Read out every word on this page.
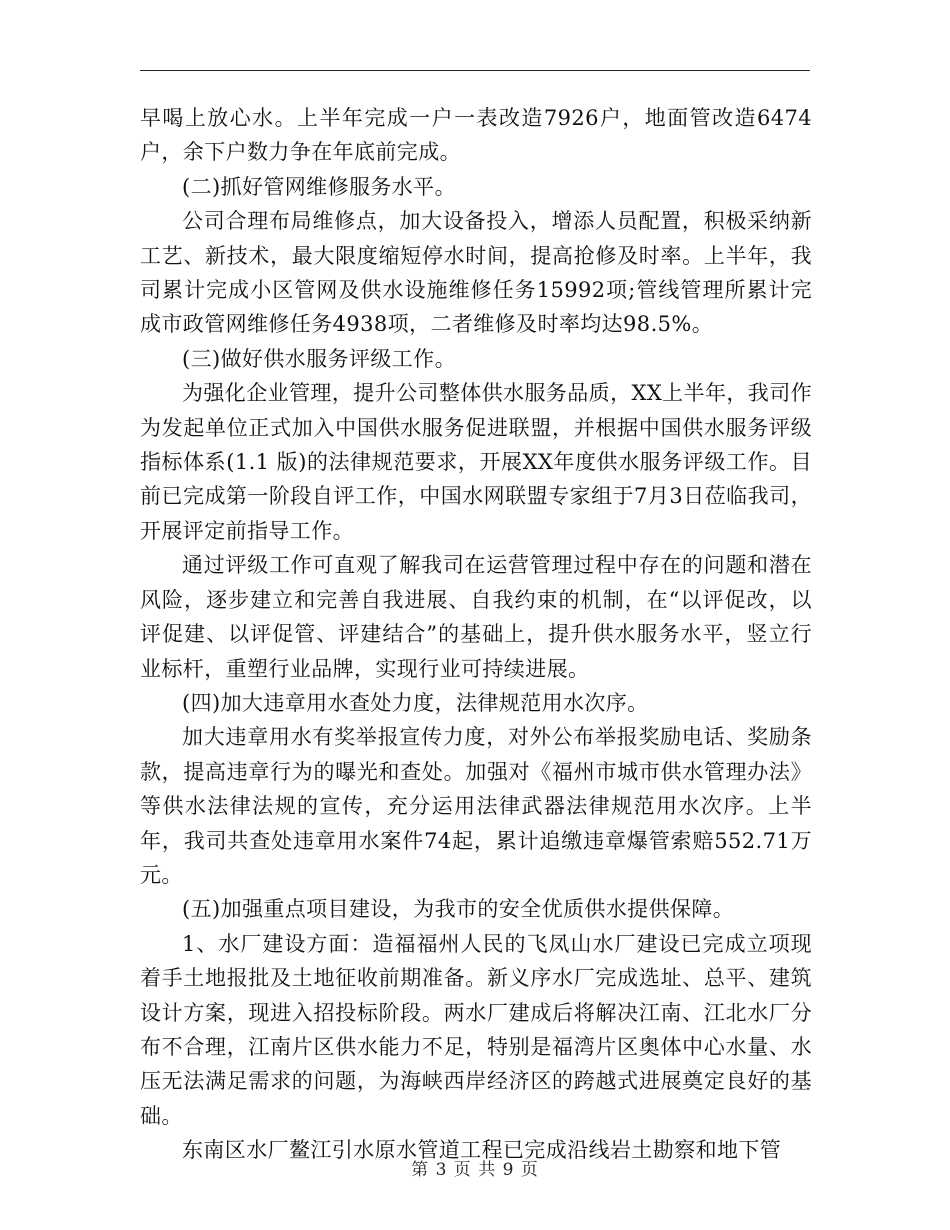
早喝上放心水。上半年完成一户一表改造7926户，地面管改造6474户，余下户数力争在年底前完成。

(二)抓好管网维修服务水平。

公司合理布局维修点，加大设备投入，增添人员配置，积极采纳新工艺、新技术，最大限度缩短停水时间，提高抢修及时率。上半年，我司累计完成小区管网及供水设施维修任务15992项;管线管理所累计完成市政管网维修任务4938项，二者维修及时率均达98.5%。

(三)做好供水服务评级工作。

为强化企业管理，提升公司整体供水服务品质，XX上半年，我司作为发起单位正式加入中国供水服务促进联盟，并根据中国供水服务评级指标体系(1.1 版)的法律规范要求，开展XX年度供水服务评级工作。目前已完成第一阶段自评工作，中国水网联盟专家组于7月3日莅临我司，开展评定前指导工作。

通过评级工作可直观了解我司在运营管理过程中存在的问题和潜在风险，逐步建立和完善自我进展、自我约束的机制，在“以评促改，以评促建、以评促管、评建结合”的基础上，提升供水服务水平，竖立行业标杆，重塑行业品牌，实现行业可持续进展。

(四)加大违章用水查处力度，法律规范用水次序。

加大违章用水有奖举报宣传力度，对外公布举报奖励电话、奖励条款，提高违章行为的曝光和查处。加强对《福州市城市供水管理办法》等供水法律法规的宣传，充分运用法律武器法律规范用水次序。上半年，我司共查处违章用水案件74起，累计追缴违章爆管索赔552.71万元。

(五)加强重点项目建设，为我市的安全优质供水提供保障。

1、水厂建设方面：造福福州人民的飞凤山水厂建设已完成立项现着手土地报批及土地征收前期准备。新义序水厂完成选址、总平、建筑设计方案，现进入招投标阶段。两水厂建成后将解决江南、江北水厂分布不合理，江南片区供水能力不足，特别是福湾片区奥体中心水量、水压无法满足需求的问题，为海峡西岸经济区的跨越式进展奠定良好的基础。

东南区水厂鳌江引水原水管道工程已完成沿线岩土勘察和地下管

第 3 页 共 9 页
